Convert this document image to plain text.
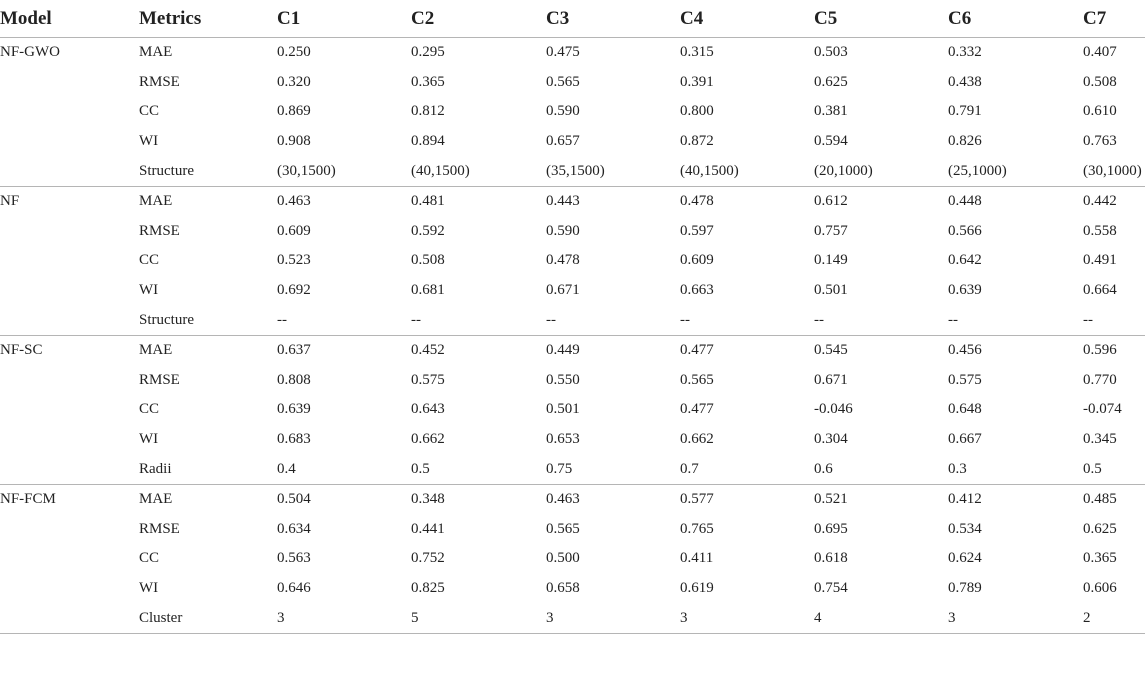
Model	Metrics	C1	C2	C3	C4	C5	C6	C7	
NF-GWO	MAE	0.250	0.295	0.475	0.315	0.503	0.332	0.407	
	RMSE	0.320	0.365	0.565	0.391	0.625	0.438	0.508	
	CC	0.869	0.812	0.590	0.800	0.381	0.791	0.610	
	WI	0.908	0.894	0.657	0.872	0.594	0.826	0.763	
	Structure	(30,1500)	(40,1500)	(35,1500)	(40,1500)	(20,1000)	(25,1000)	(30,1000)	
NF	MAE	0.463	0.481	0.443	0.478	0.612	0.448	0.442	
	RMSE	0.609	0.592	0.590	0.597	0.757	0.566	0.558	
	CC	0.523	0.508	0.478	0.609	0.149	0.642	0.491	
	WI	0.692	0.681	0.671	0.663	0.501	0.639	0.664	
	Structure	--	--	--	--	--	--	--	
NF-SC	MAE	0.637	0.452	0.449	0.477	0.545	0.456	0.596	
	RMSE	0.808	0.575	0.550	0.565	0.671	0.575	0.770	
	CC	0.639	0.643	0.501	0.477	-0.046	0.648	-0.074	
	WI	0.683	0.662	0.653	0.662	0.304	0.667	0.345	
	Radii	0.4	0.5	0.75	0.7	0.6	0.3	0.5	
NF-FCM	MAE	0.504	0.348	0.463	0.577	0.521	0.412	0.485	
	RMSE	0.634	0.441	0.565	0.765	0.695	0.534	0.625	
	CC	0.563	0.752	0.500	0.411	0.618	0.624	0.365	
	WI	0.646	0.825	0.658	0.619	0.754	0.789	0.606	
	Cluster	3	5	3	3	4	3	2	
